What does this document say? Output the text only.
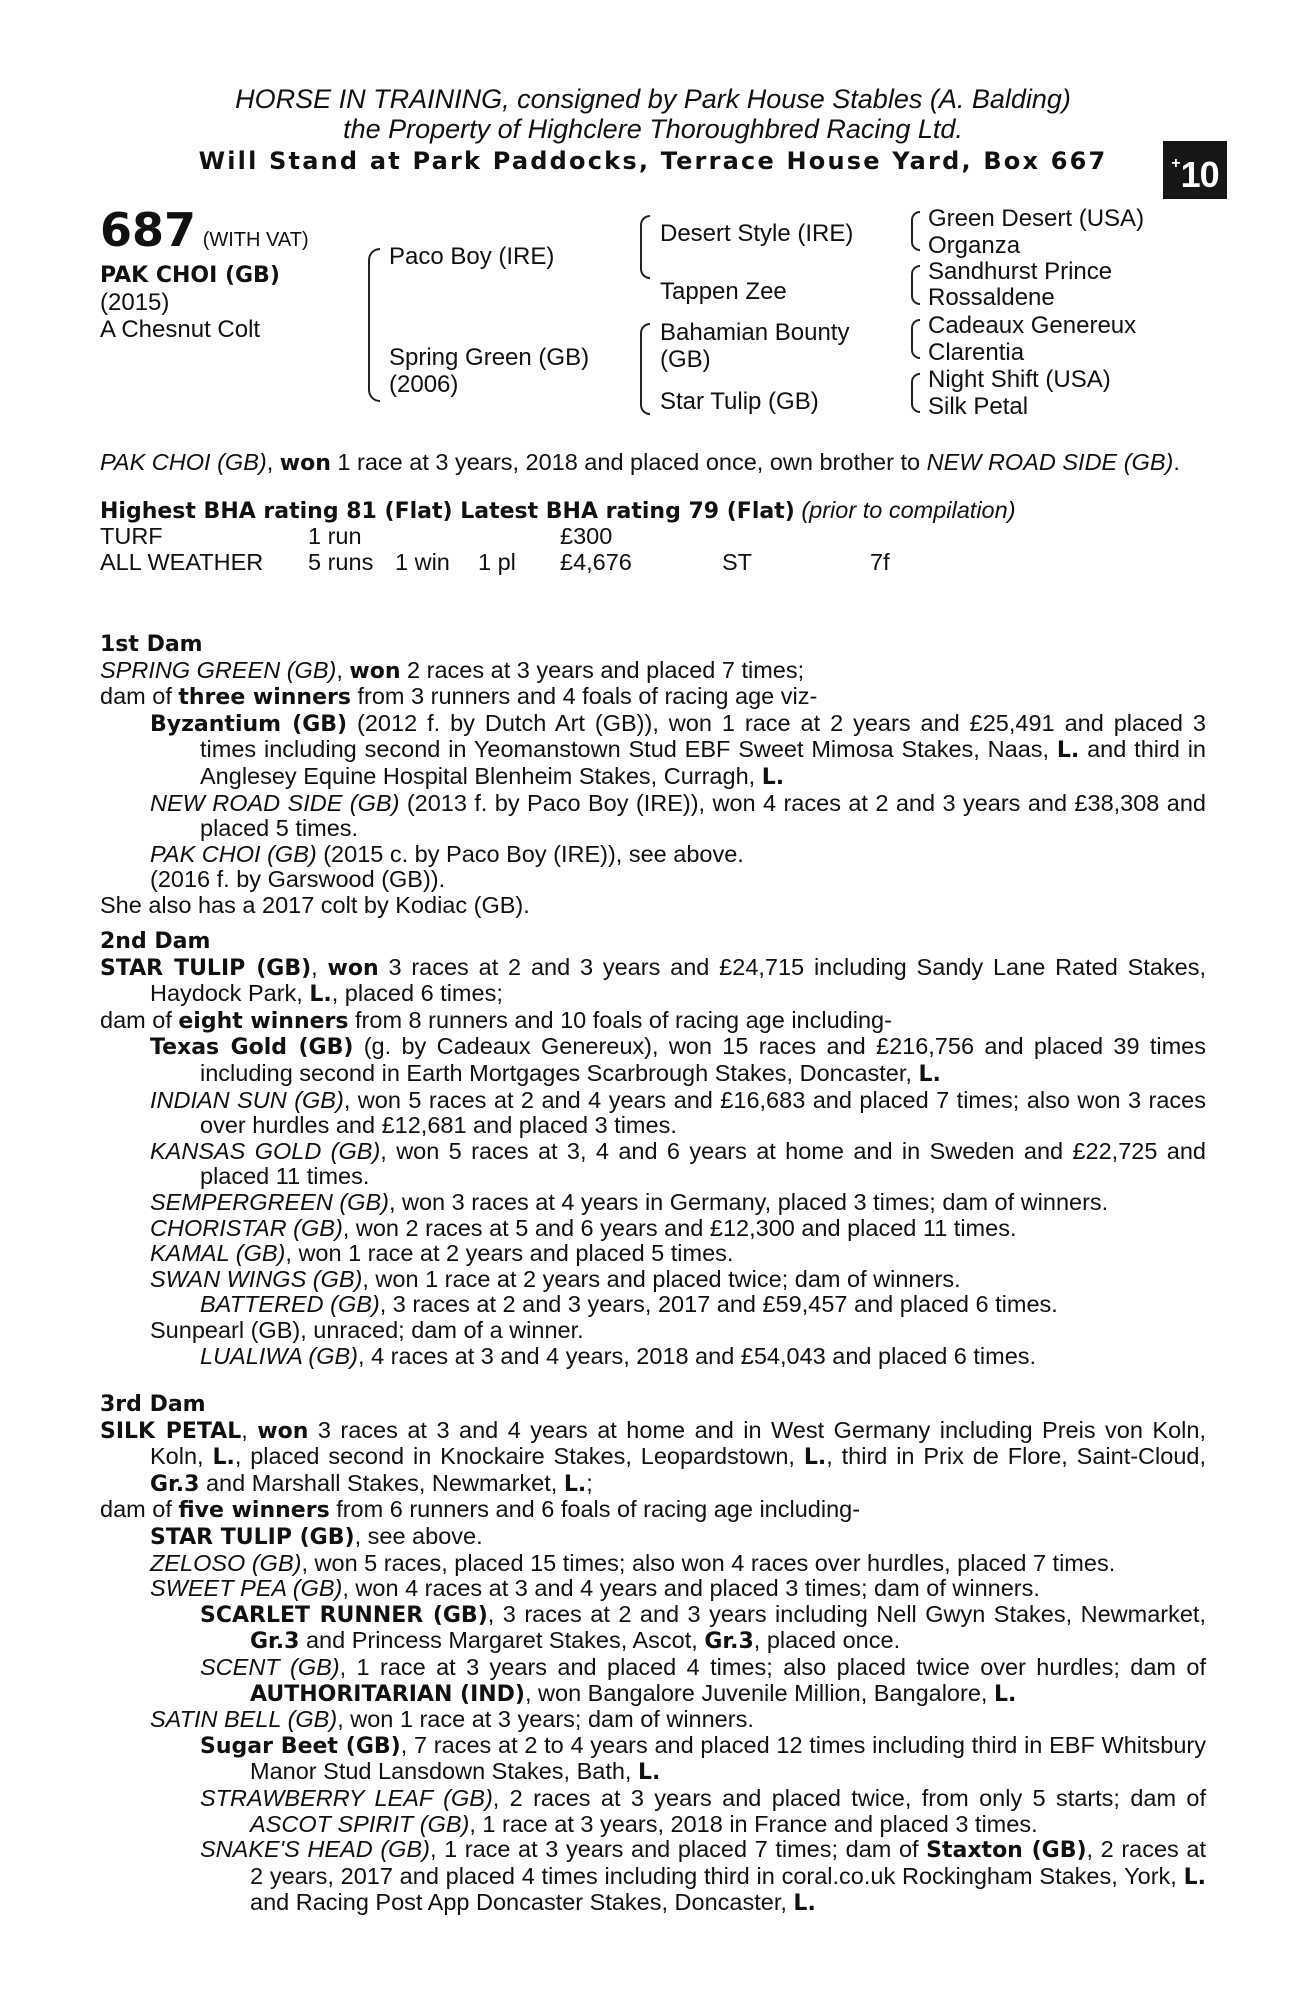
HORSE IN TRAINING, consigned by Park House Stables (A. Balding)
the Property of Highclere Thoroughbred Racing Ltd.
Will Stand at Park Paddocks, Terrace House Yard, Box 667	+10
687 (WITH VAT)
PAK CHOI (GB)
(2015)
A Chesnut Colt
Paco Boy (IRE)
Spring Green (GB)
(2006)
Desert Style (IRE)
Tappen Zee
Bahamian Bounty
(GB)
Star Tulip (GB)
Green Desert (USA)
Organza
Sandhurst Prince
Rossaldene
Cadeaux Genereux
Clarentia
Night Shift (USA)
Silk Petal

PAK CHOI (GB), won 1 race at 3 years, 2018 and placed once, own brother to NEW ROAD SIDE (GB).

Highest BHA rating 81 (Flat) Latest BHA rating 79 (Flat) (prior to compilation)

TURF	1 run	£300
ALL WEATHER 5 runs 1 win 1 pl £4,676	ST	7f

1st Dam

SPRING GREEN (GB), won 2 races at 3 years and placed 7 times;

dam of three winners from 3 runners and 4 foals of racing age viz-

Byzantium (GB) (2012 f. by Dutch Art (GB)), won 1 race at 2 years and £25,491 and placed 3 times including second in Yeomanstown Stud EBF Sweet Mimosa Stakes, Naas, L. and third in Anglesey Equine Hospital Blenheim Stakes, Curragh, L.

NEW ROAD SIDE (GB) (2013 f. by Paco Boy (IRE)), won 4 races at 2 and 3 years and £38,308 and placed 5 times.

PAK CHOI (GB) (2015 c. by Paco Boy (IRE)), see above.

(2016 f. by Garswood (GB)).

She also has a 2017 colt by Kodiac (GB).

2nd Dam

STAR TULIP (GB), won 3 races at 2 and 3 years and £24,715 including Sandy Lane Rated Stakes, Haydock Park, L., placed 6 times;

dam of eight winners from 8 runners and 10 foals of racing age including-

Texas Gold (GB) (g. by Cadeaux Genereux), won 15 races and £216,756 and placed 39 times including second in Earth Mortgages Scarbrough Stakes, Doncaster, L.

INDIAN SUN (GB), won 5 races at 2 and 4 years and £16,683 and placed 7 times; also won 3 races over hurdles and £12,681 and placed 3 times.

KANSAS GOLD (GB), won 5 races at 3, 4 and 6 years at home and in Sweden and £22,725 and placed 11 times.

SEMPERGREEN (GB), won 3 races at 4 years in Germany, placed 3 times; dam of winners.

CHORISTAR (GB), won 2 races at 5 and 6 years and £12,300 and placed 11 times.

KAMAL (GB), won 1 race at 2 years and placed 5 times.

SWAN WINGS (GB), won 1 race at 2 years and placed twice; dam of winners.

BATTERED (GB), 3 races at 2 and 3 years, 2017 and £59,457 and placed 6 times.

Sunpearl (GB), unraced; dam of a winner.

LUALIWA (GB), 4 races at 3 and 4 years, 2018 and £54,043 and placed 6 times.

3rd Dam

SILK PETAL, won 3 races at 3 and 4 years at home and in West Germany including Preis von Koln, Koln, L., placed second in Knockaire Stakes, Leopardstown, L., third in Prix de Flore, Saint-Cloud, Gr.3 and Marshall Stakes, Newmarket, L.;

dam of five winners from 6 runners and 6 foals of racing age including-

STAR TULIP (GB), see above.

ZELOSO (GB), won 5 races, placed 15 times; also won 4 races over hurdles, placed 7 times.

SWEET PEA (GB), won 4 races at 3 and 4 years and placed 3 times; dam of winners.

SCARLET RUNNER (GB), 3 races at 2 and 3 years including Nell Gwyn Stakes, Newmarket, Gr.3 and Princess Margaret Stakes, Ascot, Gr.3, placed once.

SCENT (GB), 1 race at 3 years and placed 4 times; also placed twice over hurdles; dam of AUTHORITARIAN (IND), won Bangalore Juvenile Million, Bangalore, L.

SATIN BELL (GB), won 1 race at 3 years; dam of winners.

Sugar Beet (GB), 7 races at 2 to 4 years and placed 12 times including third in EBF Whitsbury Manor Stud Lansdown Stakes, Bath, L.

STRAWBERRY LEAF (GB), 2 races at 3 years and placed twice, from only 5 starts; dam of ASCOT SPIRIT (GB), 1 race at 3 years, 2018 in France and placed 3 times.

SNAKE'S HEAD (GB), 1 race at 3 years and placed 7 times; dam of Staxton (GB), 2 races at 2 years, 2017 and placed 4 times including third in coral.co.uk Rockingham Stakes, York, L. and Racing Post App Doncaster Stakes, Doncaster, L.
